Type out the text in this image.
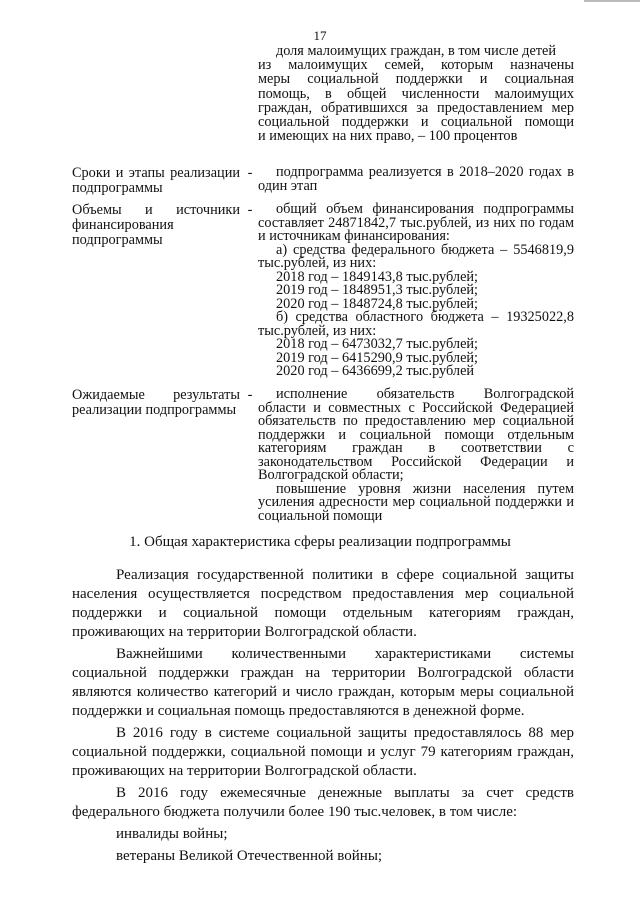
17

доля малоимущих граждан, в том числе детей

из малоимущих семей, которым назначены

меры социальной поддержки и социальная

помощь, в общей численности малоимущих

граждан, обратившихся за предоставлением мер

социальной поддержки и социальной помощи

и имеющих на них право, – 100 процентов

Сроки и этапы реализации подпрограммы
-	подпрограмма реализуется в 2018–2020 годах в один этап

Объемы и источники финансирования подпрограммы
-	общий объем финансирования подпрограммы составляет 24871842,7 тыс.рублей, из них по годам и источникам финансирования:

а) средства федерального бюджета – 5546819,9 тыс.рублей, из них:

2018 год – 1849143,8 тыс.рублей;

2019 год – 1848951,3 тыс.рублей;

2020 год – 1848724,8 тыс.рублей;

б) средства областного бюджета – 19325022,8 тыс.рублей, из них:

2018 год – 6473032,7 тыс.рублей;

2019 год – 6415290,9 тыс.рублей;

2020 год – 6436699,2 тыс.рублей

Ожидаемые результаты реализации подпрограммы
-	исполнение обязательств Волгоградской области и совместных с Российской Федерацией обязательств по предоставлению мер социальной поддержки и социальной помощи отдельным категориям граждан в соответствии с законодательством Российской Федерации и Волгоградской области;

повышение уровня жизни населения путем усиления адресности мер социальной поддержки и социальной помощи

1. Общая характеристика сферы реализации подпрограммы

Реализация государственной политики в сфере социальной защиты населения осуществляется посредством предоставления мер социальной поддержки и социальной помощи отдельным категориям граждан, проживающих на территории Волгоградской области.

Важнейшими количественными характеристиками системы социальной поддержки граждан на территории Волгоградской области являются количество категорий и число граждан, которым меры социальной поддержки и социальная помощь предоставляются в денежной форме.

В 2016 году в системе социальной защиты предоставлялось 88 мер социальной поддержки, социальной помощи и услуг 79 категориям граждан, проживающих на территории Волгоградской области.

В 2016 году ежемесячные денежные выплаты за счет средств федерального бюджета получили более 190 тыс.человек, в том числе:

инвалиды войны;

ветераны Великой Отечественной войны;
